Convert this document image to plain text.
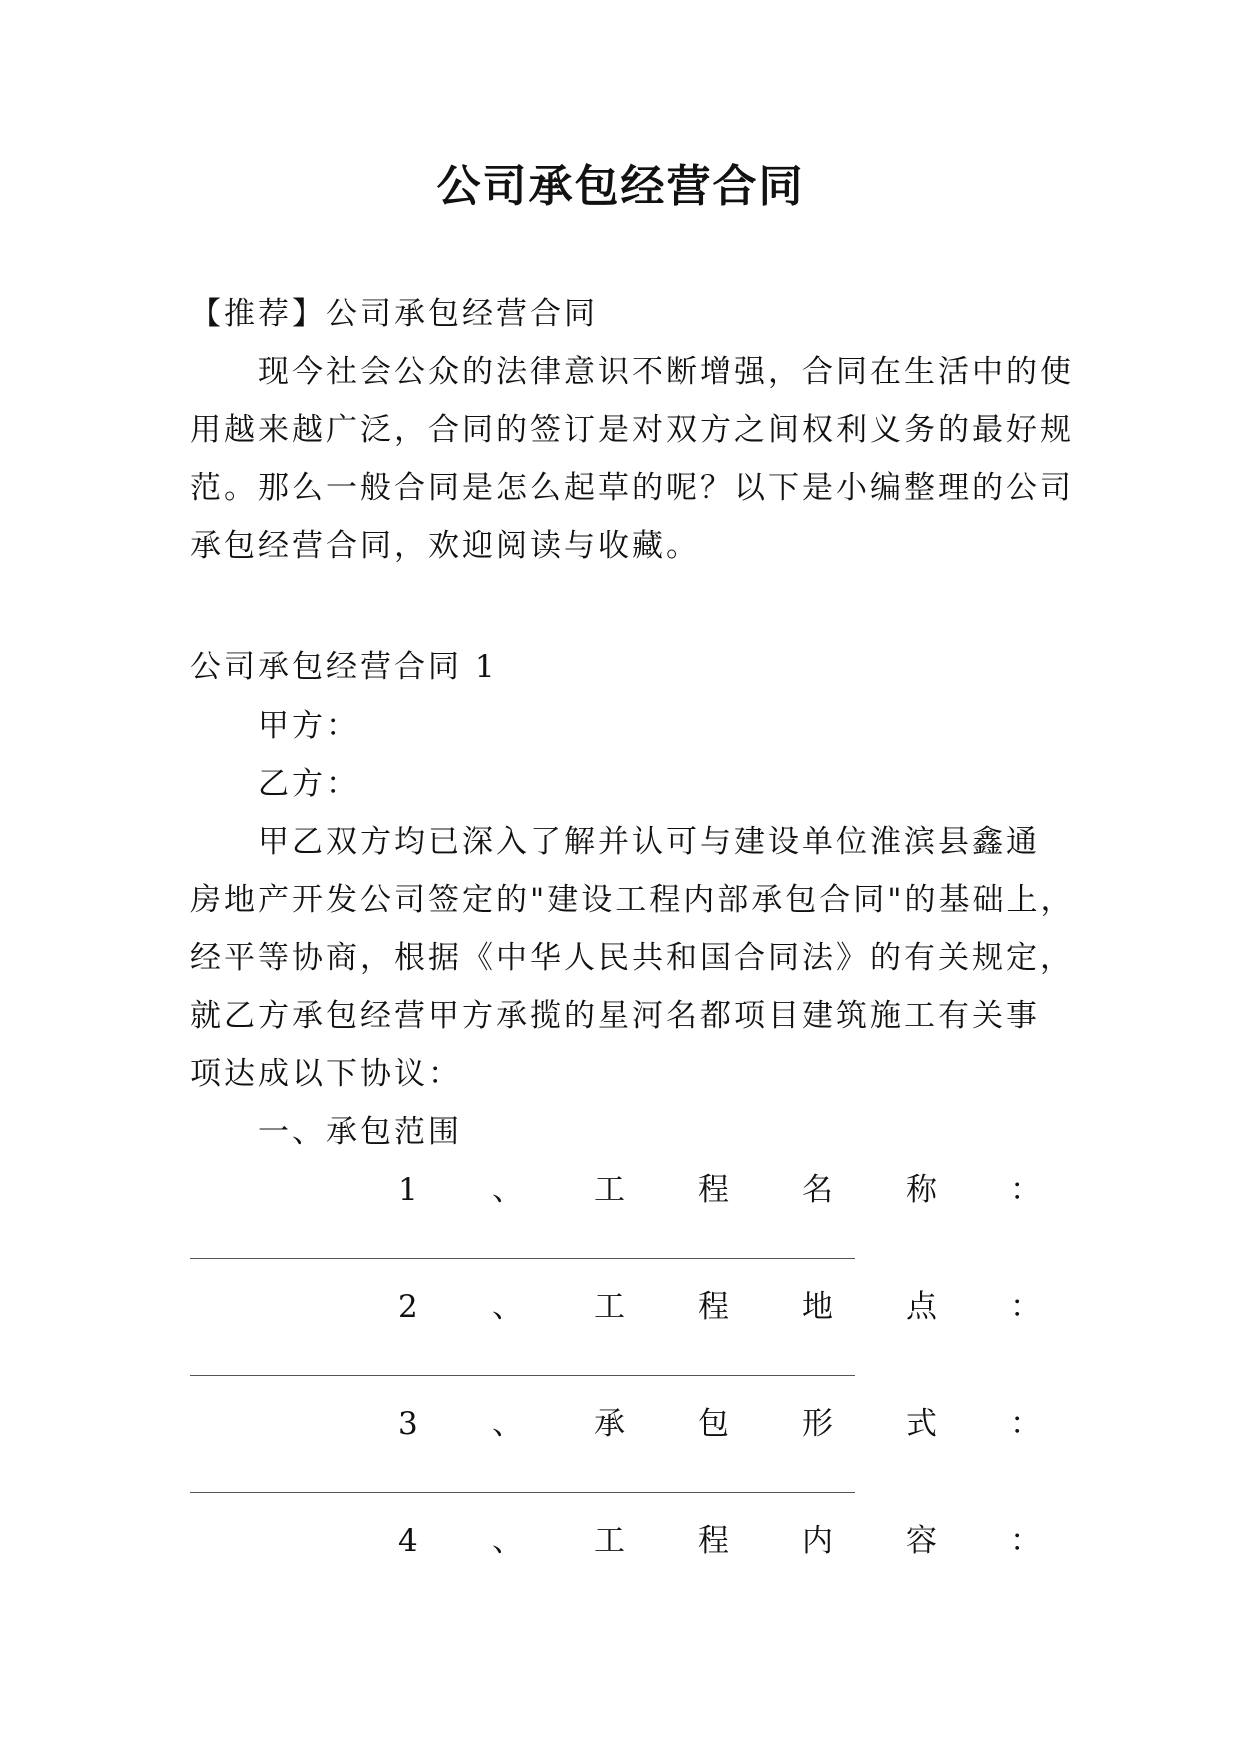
公司承包经营合同

【推荐】公司承包经营合同

现今社会公众的法律意识不断增强，合同在生活中的使

用越来越广泛，合同的签订是对双方之间权利义务的最好规

范。那么一般合同是怎么起草的呢？以下是小编整理的公司

承包经营合同，欢迎阅读与收藏。

公司承包经营合同 1

甲方：

乙方：

甲乙双方均已深入了解并认可与建设单位淮滨县鑫通

房地产开发公司签定的"建设工程内部承包合同"的基础上，

经平等协商，根据《中华人民共和国合同法》的有关规定，

就乙方承包经营甲方承揽的星河名都项目建筑施工有关事

项达成以下协议：

一、承包范围

1 、 工 程 名 称 ：
2 、 工 程 地 点 ：
3 、 承 包 形 式 ：
4 、 工 程 内 容 ：
